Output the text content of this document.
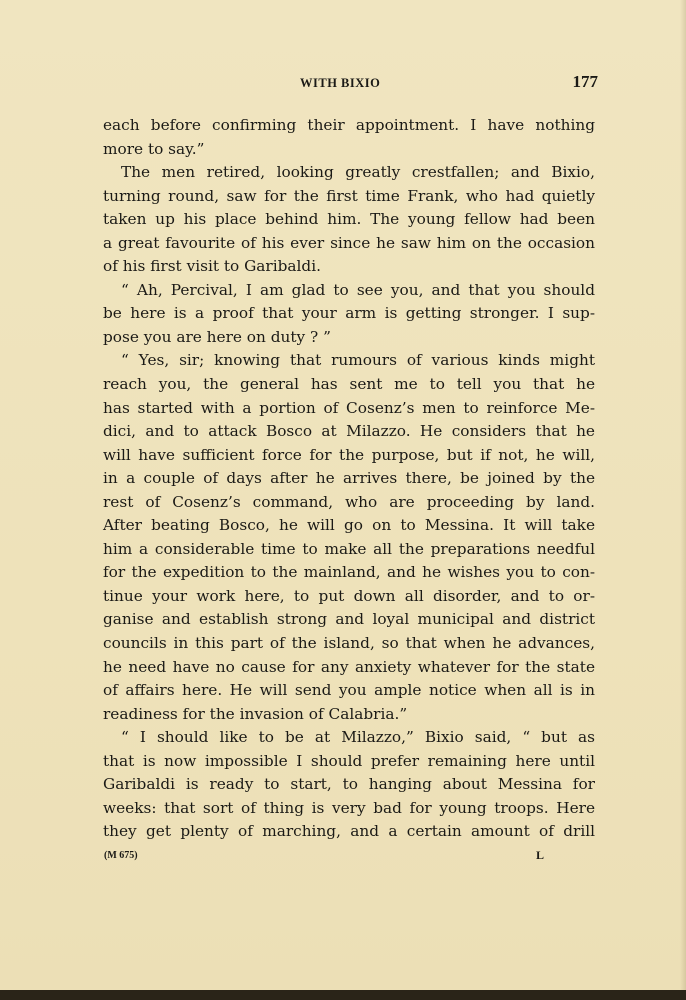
WITH BIXIO	177
each before confirming their appointment. I have nothing
more to say.”
The men retired, looking greatly crestfallen; and Bixio,
turning round, saw for the first time Frank, who had quietly
taken up his place behind him. The young fellow had been
a great favourite of his ever since he saw him on the occasion
of his first visit to Garibaldi.
“ Ah, Percival, I am glad to see you, and that you should
be here is a proof that your arm is getting stronger. I sup-
pose you are here on duty ? ”
“ Yes, sir; knowing that rumours of various kinds might
reach you, the general has sent me to tell you that he
has started with a portion of Cosenz’s men to reinforce Me-
dici, and to attack Bosco at Milazzo. He considers that he
will have sufficient force for the purpose, but if not, he will,
in a couple of days after he arrives there, be joined by the
rest of Cosenz’s command, who are proceeding by land.
After beating Bosco, he will go on to Messina. It will take
him a considerable time to make all the preparations needful
for the expedition to the mainland, and he wishes you to con-
tinue your work here, to put down all disorder, and to or-
ganise and establish strong and loyal municipal and district
councils in this part of the island, so that when he advances,
he need have no cause for any anxiety whatever for the state
of affairs here. He will send you ample notice when all is in
readiness for the invasion of Calabria.”
“ I should like to be at Milazzo,” Bixio said, “ but as
that is now impossible I should prefer remaining here until
Garibaldi is ready to start, to hanging about Messina for
weeks: that sort of thing is very bad for young troops. Here
they get plenty of marching, and a certain amount of drill
(M 675)	L
